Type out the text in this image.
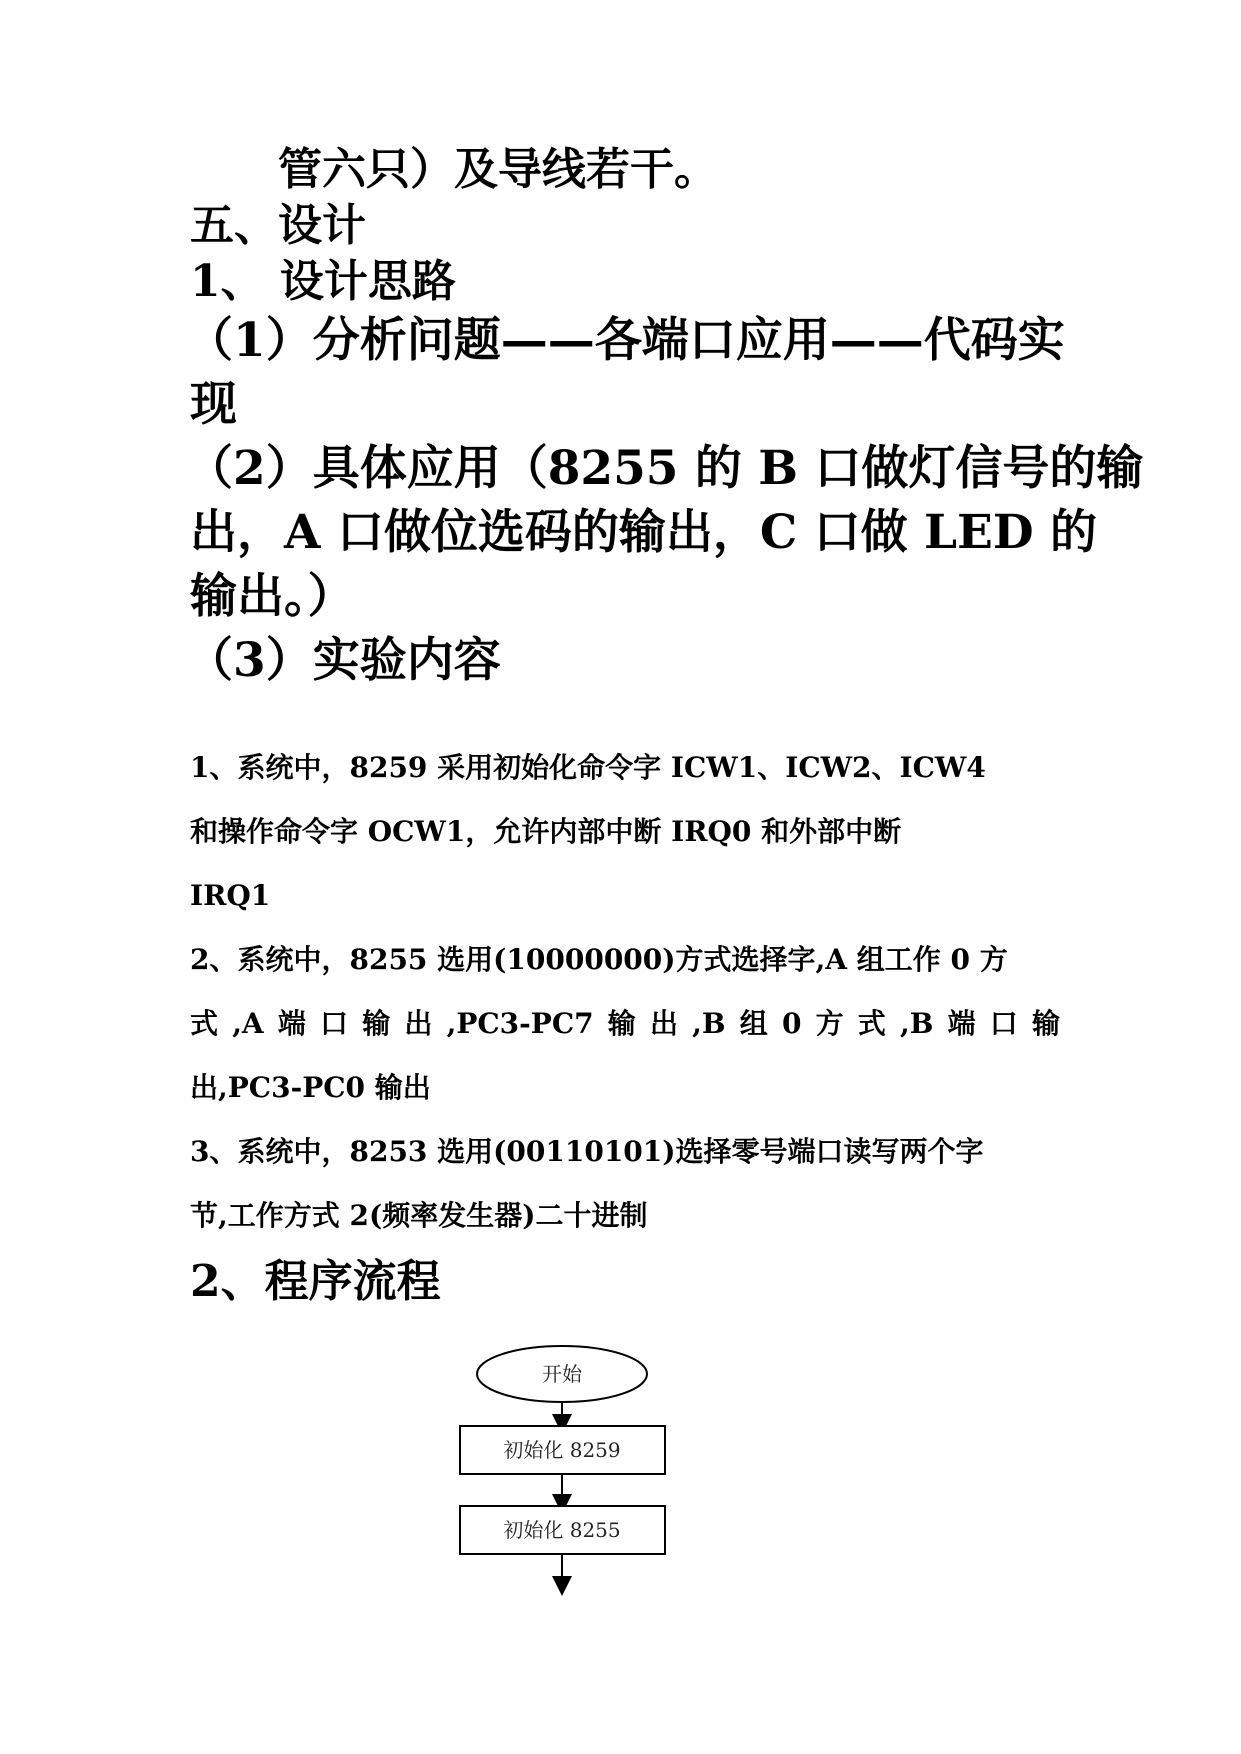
管六只）及导线若干。
五、设计
1、 设计思路
（1）分析问题——各端口应用——代码实
现
（2）具体应用（8255 的 B 口做灯信号的输
出，A 口做位选码的输出，C 口做 LED 的
输出。）
（3）实验内容
1、系统中，8259 采用初始化命令字 ICW1、ICW2、ICW4
和操作命令字 OCW1，允许内部中断 IRQ0 和外部中断
IRQ1
2、系统中，8255 选用(10000000)方式选择字,A 组工作 0 方
式 ,A 端 口 输 出 ,PC3-PC7 输 出 ,B 组 0 方 式 ,B 端 口 输
出,PC3-PC0 输出
3、系统中，8253 选用(00110101)选择零号端口读写两个字
节,工作方式 2(频率发生器)二十进制
2、程序流程
开始
初始化 8259
初始化 8255
